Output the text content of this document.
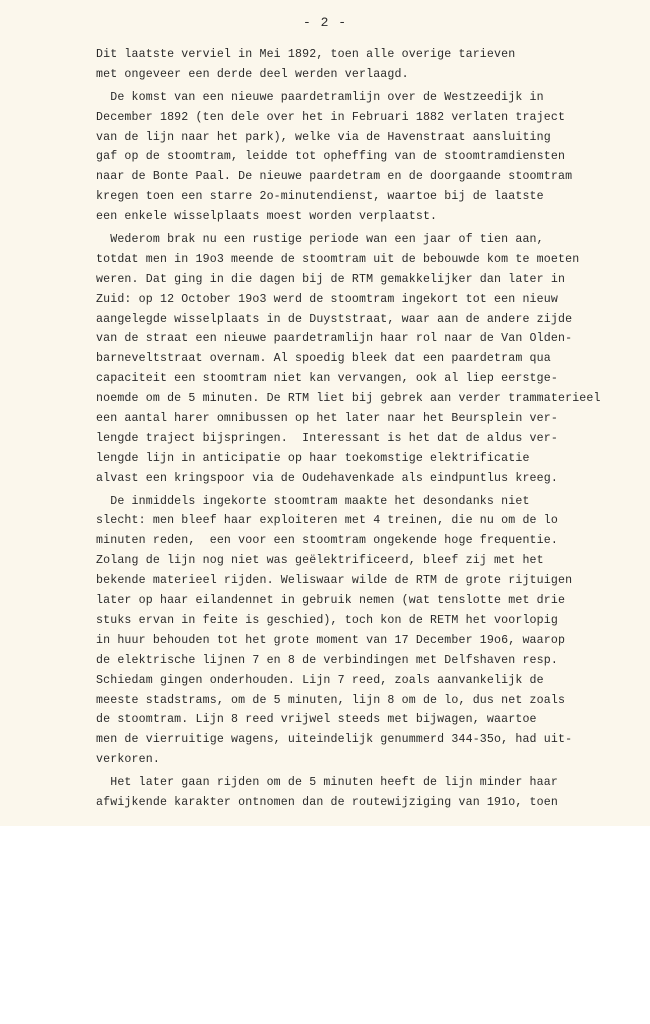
- 2 -
Dit laatste verviel in Mei 1892, toen alle overige tarieven
met ongeveer een derde deel werden verlaagd.
De komst van een nieuwe paardetramlijn over de Westzeedijk in
December 1892 (ten dele over het in Februari 1882 verlaten traject
van de lijn naar het park), welke via de Havenstraat aansluiting
gaf op de stoomtram, leidde tot opheffing van de stoomtramdiensten
naar de Bonte Paal. De nieuwe paardetram en de doorgaande stoomtram
kregen toen een starre 2o-minutendienst, waartoe bij de laatste
een enkele wisselplaats moest worden verplaatst.
Wederom brak nu een rustige periode wan een jaar of tien aan,
totdat men in 19o3 meende de stoomtram uit de bebouwde kom te moeten
weren. Dat ging in die dagen bij de RTM gemakkelijker dan later in
Zuid: op 12 October 19o3 werd de stoomtram ingekort tot een nieuw
aangelegde wisselplaats in de Duyststraat, waar aan de andere zijde
van de straat een nieuwe paardetramlijn haar rol naar de Van Olden-
barneveltstraat overnam. Al spoedig bleek dat een paardetram qua
capaciteit een stoomtram niet kan vervangen, ook al liep eerstge-
noemde om de 5 minuten. De RTM liet bij gebrek aan verder trammaterieel
een aantal harer omnibussen op het later naar het Beursplein ver-
lengde traject bijspringen.  Interessant is het dat de aldus ver-
lengde lijn in anticipatie op haar toekomstige elektrificatie
alvast een kringspoor via de Oudehavenkade als eindpuntlus kreeg.
De inmiddels ingekorte stoomtram maakte het desondanks niet
slecht: men bleef haar exploiteren met 4 treinen, die nu om de lo
minuten reden,  een voor een stoomtram ongekende hoge frequentie.
Zolang de lijn nog niet was geëlektrificeerd, bleef zij met het
bekende materieel rijden. Weliswaar wilde de RTM de grote rijtuigen
later op haar eilandennet in gebruik nemen (wat tenslotte met drie
stuks ervan in feite is geschied), toch kon de RETM het voorlopig
in huur behouden tot het grote moment van 17 December 19o6, waarop
de elektrische lijnen 7 en 8 de verbindingen met Delfshaven resp.
Schiedam gingen onderhouden. Lijn 7 reed, zoals aanvankelijk de
meeste stadstrams, om de 5 minuten, lijn 8 om de lo, dus net zoals
de stoomtram. Lijn 8 reed vrijwel steeds met bijwagen, waartoe
men de vierruitige wagens, uiteindelijk genummerd 344-35o, had uit-
verkoren.
Het later gaan rijden om de 5 minuten heeft de lijn minder haar
afwijkende karakter ontnomen dan de routewijziging van 191o, toen
